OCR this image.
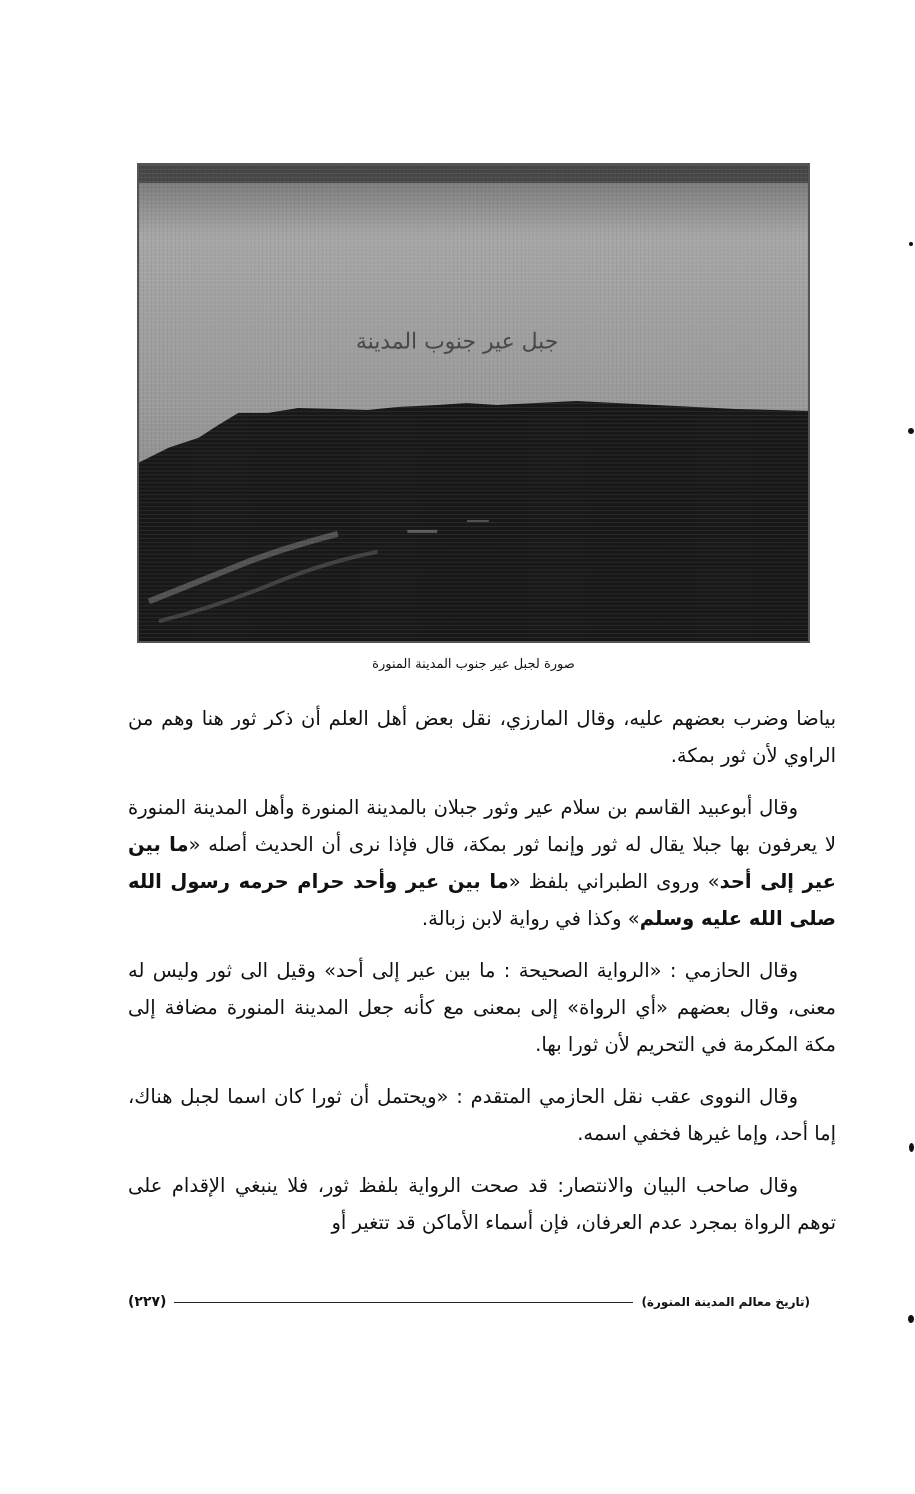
جبل عير جنوب المدينة
صورة لجبل عير جنوب المدينة المنورة

بياضا وضرب بعضهم عليه، وقال المارزي، نقل بعض أهل العلم أن ذكر ثور هنا وهم من الراوي لأن ثور بمكة.

وقال أبوعبيد القاسم بن سلام عير وثور جبلان بالمدينة المنورة وأهل المدينة المنورة لا يعرفون بها جبلا يقال له ثور وإنما ثور بمكة، قال فإذا نرى أن الحديث أصله «ما بين عير إلى أحد» وروى الطبراني بلفظ «ما بين عير وأحد حرام حرمه رسول الله صلى الله عليه وسلم» وكذا في رواية لابن زبالة.

وقال الحازمي : «الرواية الصحيحة : ما بين عير إلى أحد» وقيل الى ثور وليس له معنى، وقال بعضهم «أي الرواة» إلى بمعنى مع كأنه جعل المدينة المنورة مضافة إلى مكة المكرمة في التحريم لأن ثورا بها.

وقال النووى عقب نقل الحازمي المتقدم : «ويحتمل أن ثورا كان اسما لجبل هناك، إما أحد، وإما غيرها فخفي اسمه.

وقال صاحب البيان والانتصار: قد صحت الرواية بلفظ ثور، فلا ينبغي الإقدام على توهم الرواة بمجرد عدم العرفان، فإن أسماء الأماكن قد تتغير أو

(تاريخ معالم المدينة المنورة)
(٢٢٧)
